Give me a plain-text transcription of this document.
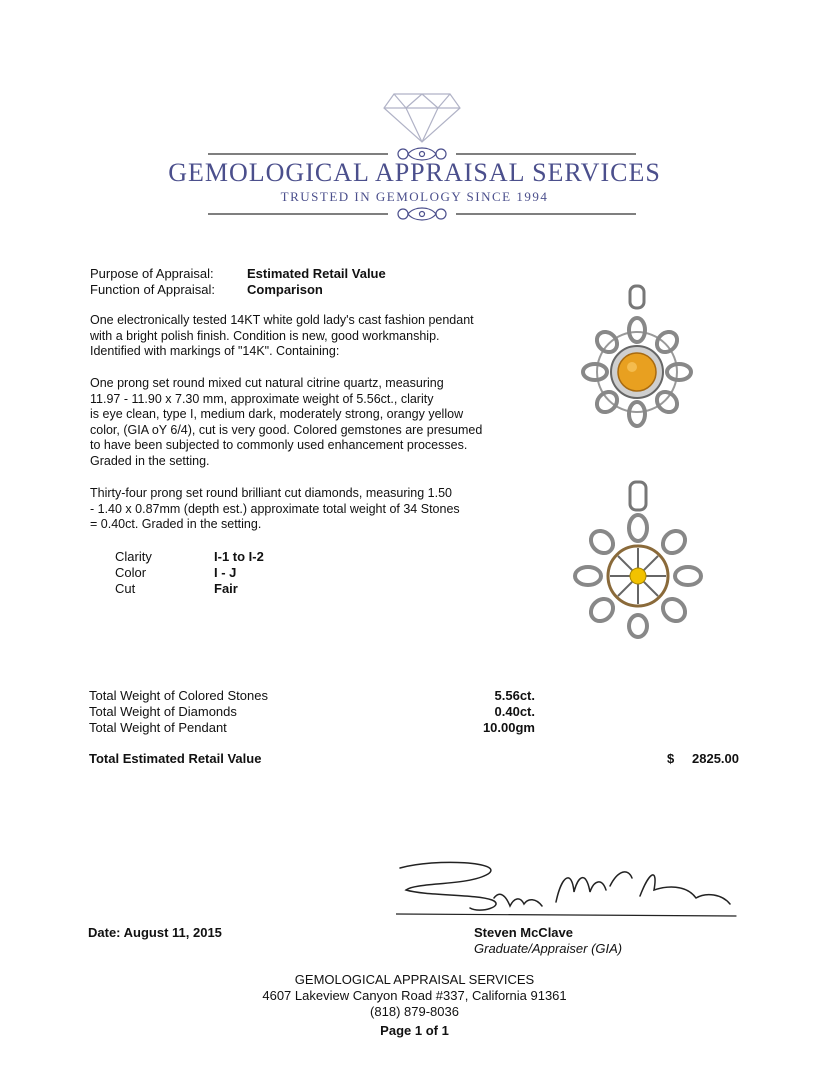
GEMOLOGICAL APPRAISAL SERVICES
TRUSTED IN GEMOLOGY SINCE 1994
Purpose of Appraisal:	Estimated Retail Value
Function of Appraisal: Comparison
One electronically tested 14KT white gold lady's cast fashion pendant
with a bright polish finish. Condition is new, good workmanship.
Identified with markings of "14K". Containing:
One prong set round mixed cut natural citrine quartz, measuring
11.97 - 11.90 x 7.30 mm, approximate weight of 5.56ct., clarity
is eye clean, type I, medium dark, moderately strong, orangy yellow
color, (GIA oY 6/4), cut is very good. Colored gemstones are presumed
to have been subjected to commonly used enhancement processes.
Graded in the setting.
Thirty-four prong set round brilliant cut diamonds, measuring 1.50
- 1.40 x 0.87mm (depth est.) approximate total weight of 34 Stones
= 0.40ct. Graded in the setting.
Clarity	I-1 to I-2
Color	I - J
Cut	Fair
Total Weight of Colored Stones	5.56ct.
Total Weight of Diamonds	0.40ct.
Total Weight of Pendant	10.00gm
Total Estimated Retail Value	$	2825.00
Date: August 11, 2015	Steven McClave
Graduate/Appraiser (GIA)
GEMOLOGICAL APPRAISAL SERVICES
4607 Lakeview Canyon Road #337, California 91361
(818) 879-8036
Page 1 of 1
